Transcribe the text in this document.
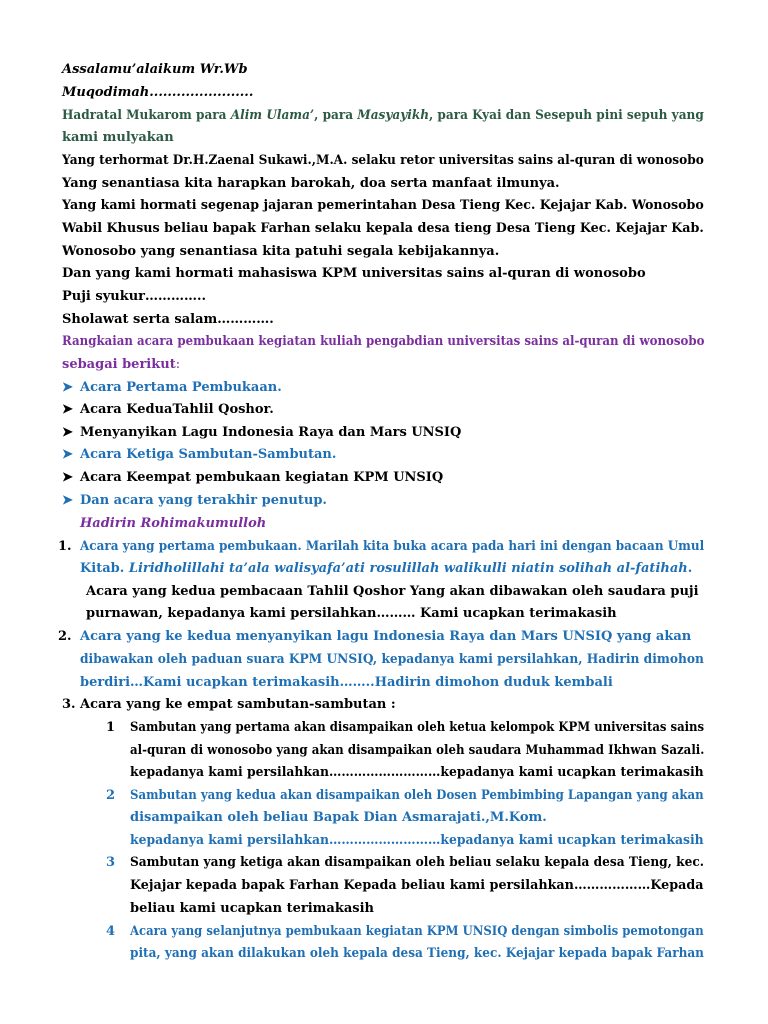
Assalamu’alaikum Wr.Wb
Muqodimah.......................
Hadratal Mukarom para Alim Ulama’, para Masyayikh, para Kyai dan Sesepuh pini sepuh yang
kami mulyakan
Yang terhormat Dr.H.Zaenal Sukawi.,M.A. selaku retor universitas sains al-quran di wonosobo
Yang senantiasa kita harapkan barokah, doa serta manfaat ilmunya.
Yang kami hormati segenap jajaran pemerintahan Desa Tieng Kec. Kejajar Kab. Wonosobo
Wabil Khusus beliau bapak Farhan selaku kepala desa tieng Desa Tieng Kec. Kejajar Kab.
Wonosobo yang senantiasa kita patuhi segala kebijakannya.
Dan yang kami hormati mahasiswa KPM universitas sains al-quran di wonosobo
Puji syukur…………..
Sholawat serta salam………….
Rangkaian acara pembukaan kegiatan kuliah pengabdian universitas sains al-quran di wonosobo
sebagai berikut:
➤ Acara Pertama Pembukaan.
➤ Acara KeduaTahlil Qoshor.
➤ Menyanyikan Lagu Indonesia Raya dan Mars UNSIQ
➤ Acara Ketiga Sambutan-Sambutan.
➤ Acara Keempat pembukaan kegiatan KPM UNSIQ
➤ Dan acara yang terakhir penutup.
Hadirin Rohimakumulloh
1. Acara yang pertama pembukaan. Marilah kita buka acara pada hari ini dengan bacaan Umul
Kitab. Liridholillahi ta’ala walisyafa’ati rosulillah walikulli niatin solihah al-fatihah.
Acara yang kedua pembacaan Tahlil Qoshor Yang akan dibawakan oleh saudara puji
purnawan, kepadanya kami persilahkan……… Kami ucapkan terimakasih
2. Acara yang ke kedua menyanyikan lagu Indonesia Raya dan Mars UNSIQ yang akan
dibawakan oleh paduan suara KPM UNSIQ, kepadanya kami persilahkan, Hadirin dimohon
berdiri…Kami ucapkan terimakasih……..Hadirin dimohon duduk kembali
3. Acara yang ke empat sambutan-sambutan :
1 Sambutan yang pertama akan disampaikan oleh ketua kelompok KPM universitas sains
al-quran di wonosobo yang akan disampaikan oleh saudara Muhammad Ikhwan Sazali.
kepadanya kami persilahkan………………………kepadanya kami ucapkan terimakasih
2 Sambutan yang kedua akan disampaikan oleh Dosen Pembimbing Lapangan yang akan
disampaikan oleh beliau Bapak Dian Asmarajati.,M.Kom.
kepadanya kami persilahkan………………………kepadanya kami ucapkan terimakasih
3 Sambutan yang ketiga akan disampaikan oleh beliau selaku kepala desa Tieng, kec.
Kejajar kepada bapak Farhan Kepada beliau kami persilahkan………………Kepada
beliau kami ucapkan terimakasih
4 Acara yang selanjutnya pembukaan kegiatan KPM UNSIQ dengan simbolis pemotongan
pita, yang akan dilakukan oleh kepala desa Tieng, kec. Kejajar kepada bapak Farhan
